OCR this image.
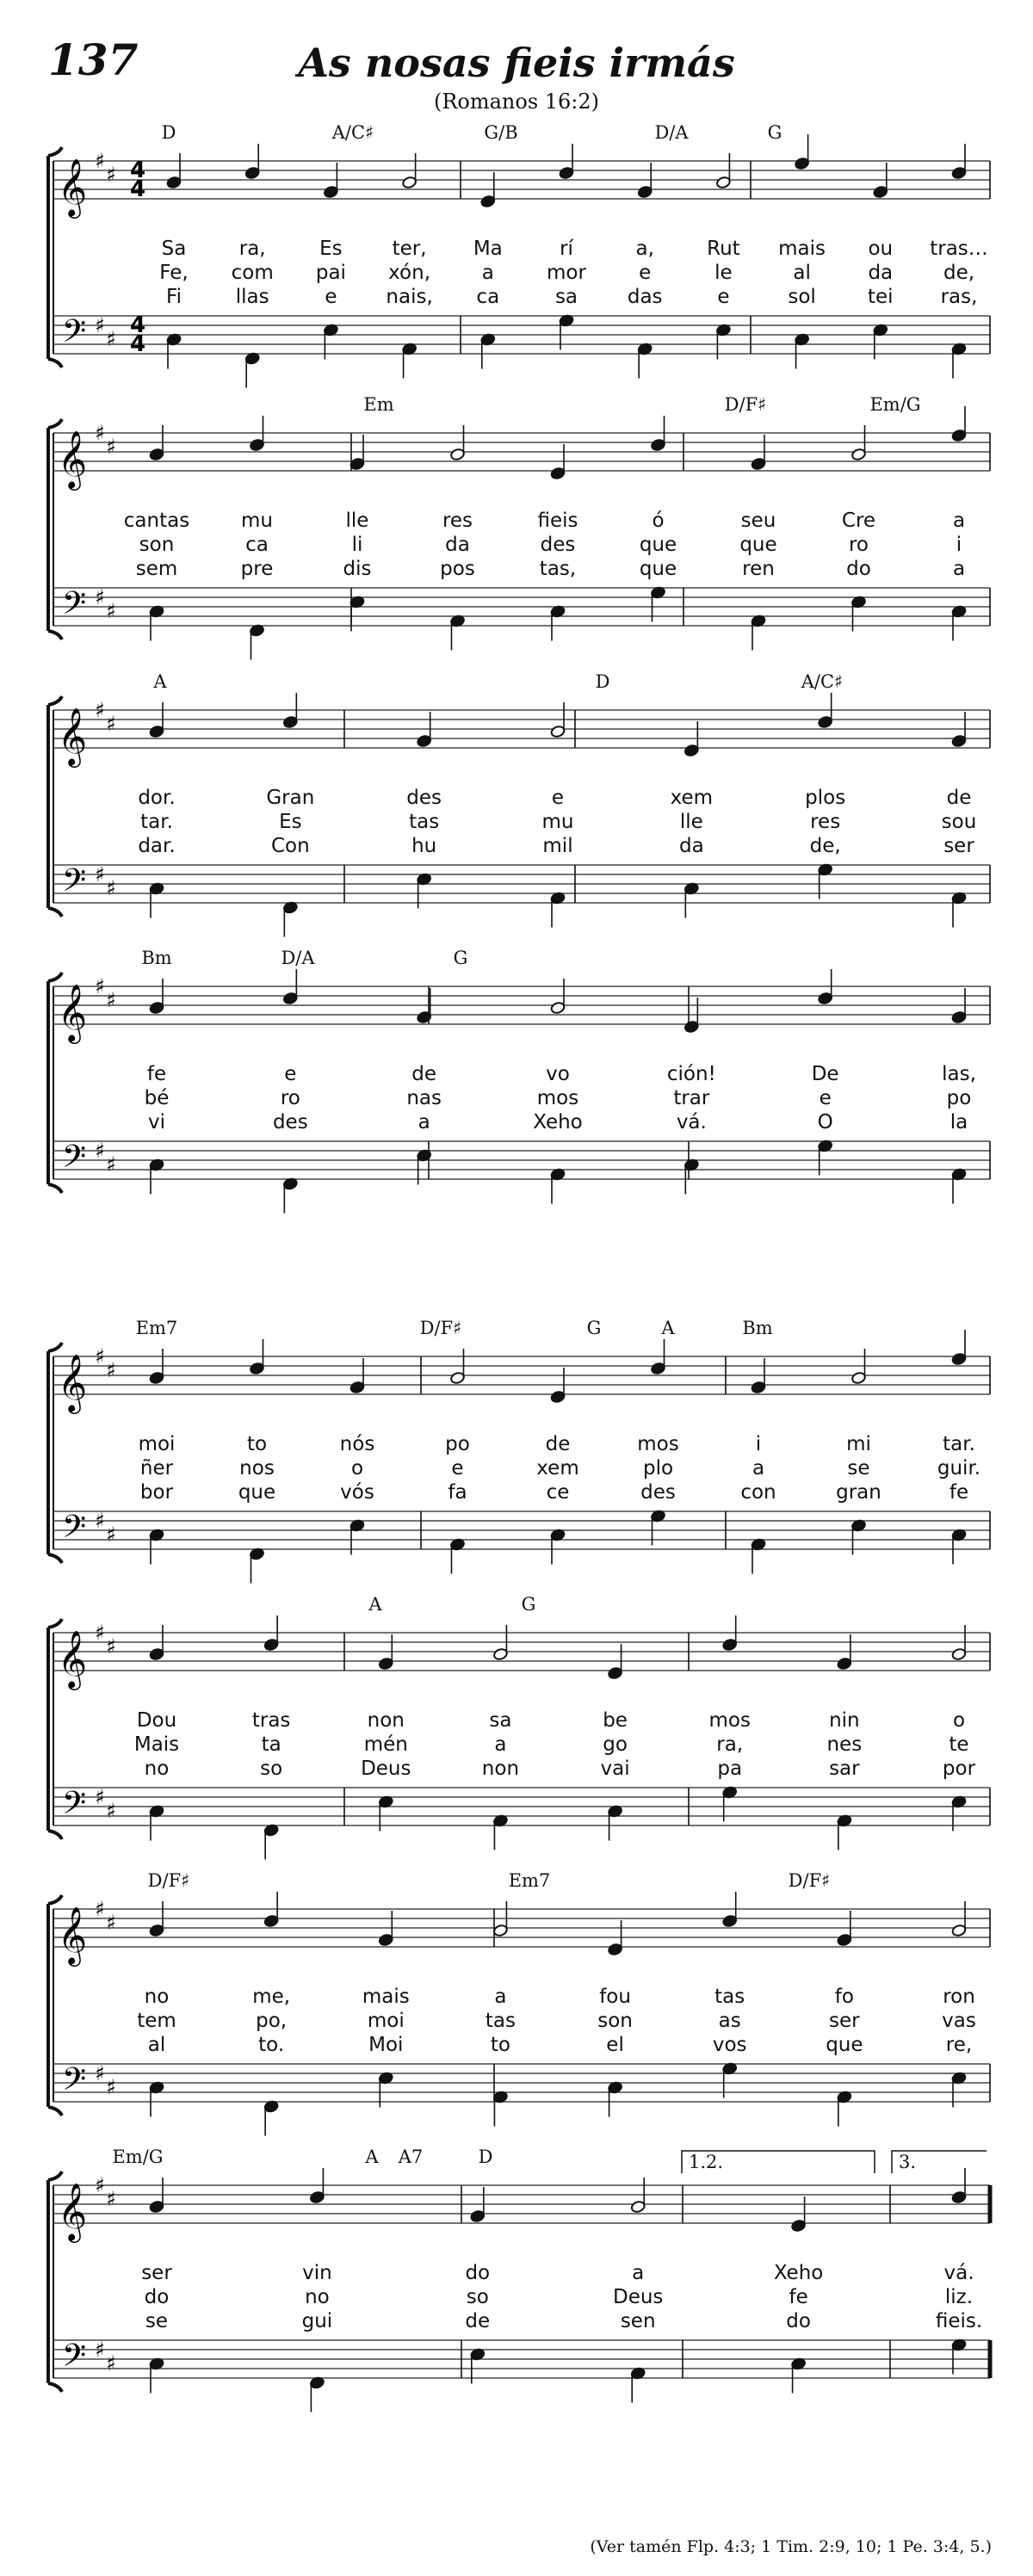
137	As nosas fieis irmás
(Romanos 16:2)
𝄞
𝄢
♯
♯
♯
♯
4
4
4
4
D	A/C♯	G/B	D/A	G
Sa	ra,	Es	ter, Ma	rí	a,	Rut mais ou tras…
Fe, com pai xón,	a	mor	e	le	al	da	de,
Fi	llas	e nais, ca	sa	das	e	sol	tei ras,
𝄞
𝄢
♯
♯
♯
♯
Em	D/F♯	Em/G
cantas	mu	lle	res	fieis	ó	seu	Cre	a
son	ca	li	da	des	que	que	ro	i
sem	pre	dis	pos	tas,	que	ren	do	a
𝄞
𝄢
♯
♯
♯
♯
A	D	A/C♯
dor.	Gran	des	e	xem	plos	de
tar.	Es	tas	mu	lle	res	sou
dar.	Con	hu	mil	da	de,	ser
𝄞
𝄢
♯
♯
♯
♯
Bm	D/A	G
fe	e	de	vo	ción!	De	las,
bé	ro	nas	mos	trar	e	po
vi	des	a	Xeho	vá.	O	la
𝄞
𝄢
♯
♯
♯
♯
Em7	D/F♯	G	A	Bm
moi	to	nós	po	de	mos	i	mi	tar.
ñer	nos	o	e	xem	plo	a	se	guir.
bor	que	vós	fa	ce	des	con	gran	fe
𝄞
𝄢
♯
♯
♯
♯
A	G
Dou	tras	non	sa	be	mos	nin	o
Mais	ta	mén	a	go	ra,	nes	te
no	so	Deus	non	vai	pa	sar	por
𝄞
𝄢
♯
♯
♯
♯
D/F♯	Em7	D/F♯
no	me,	mais	a	fou	tas	fo	ron
tem	po,	moi	tas	son	as	ser	vas
al	to.	Moi	to	el	vos	que	re,
𝄞
𝄢
♯
♯
♯
♯
Em/G	A A7	D
ser	vin	do	a	Xeho	vá.
do	no	so	Deus	fe	liz.
se	gui	de	sen	do	fieis.
1.2.	3.
(Ver tamén Flp. 4:3; 1 Tim. 2:9, 10; 1 Pe. 3:4, 5.)
